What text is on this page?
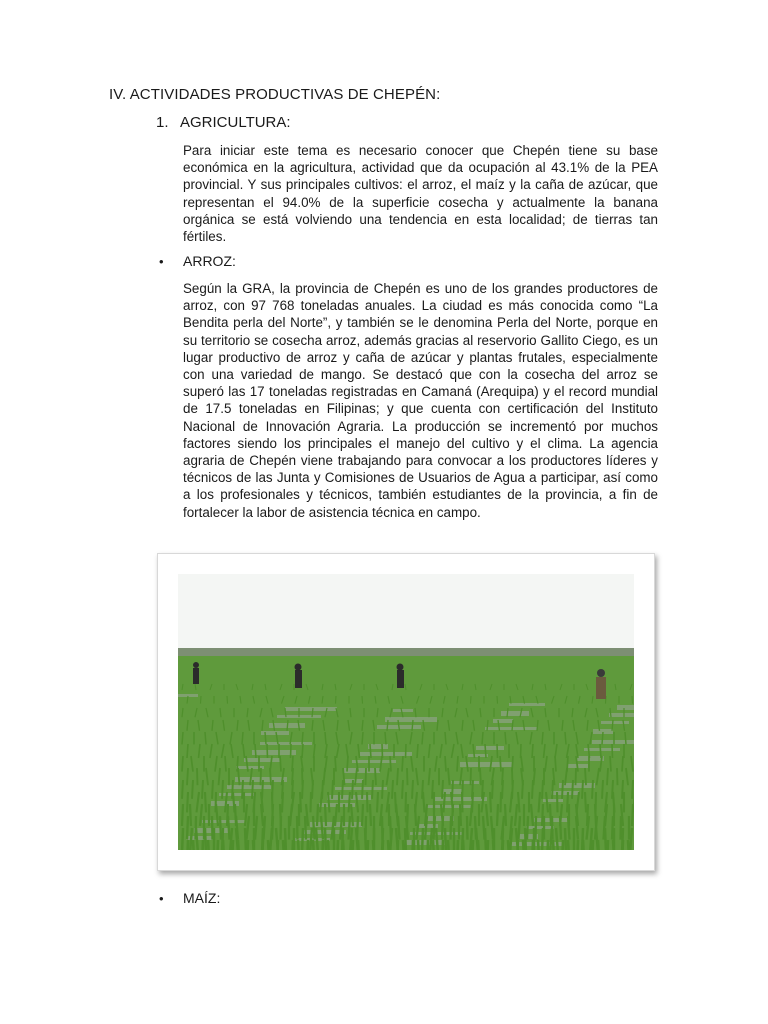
IV. ACTIVIDADES PRODUCTIVAS DE CHEPÉN:
1. AGRICULTURA:

Para iniciar este tema es necesario conocer que Chepén tiene su base económica en la agricultura, actividad que da ocupación al 43.1% de la PEA provincial. Y sus principales cultivos: el arroz, el maíz y la caña de azúcar, que representan el 94.0% de la superficie cosecha y actualmente la banana orgánica se está volviendo una tendencia en esta localidad; de tierras tan fértiles.

• ARROZ:

Según la GRA, la provincia de Chepén es uno de los grandes productores de arroz, con 97 768 toneladas anuales. La ciudad es más conocida como “La Bendita perla del Norte”, y también se le denomina Perla del Norte, porque en su territorio se cosecha arroz, además gracias al reservorio Gallito Ciego, es un lugar productivo de arroz y caña de azúcar y plantas frutales, especialmente con una variedad de mango. Se destacó que con la cosecha del arroz se superó las 17 toneladas registradas en Camaná (Arequipa) y el record mundial de 17.5 toneladas en Filipinas; y que cuenta con certificación del Instituto Nacional de Innovación Agraria. La producción se incrementó por muchos factores siendo los principales el manejo del cultivo y el clima. La agencia agraria de Chepén viene trabajando para convocar a los productores líderes y técnicos de las Junta y Comisiones de Usuarios de Agua a participar, así como a los profesionales y técnicos, también estudiantes de la provincia, a fin de fortalecer la labor de asistencia técnica en campo.

• MAÍZ:
